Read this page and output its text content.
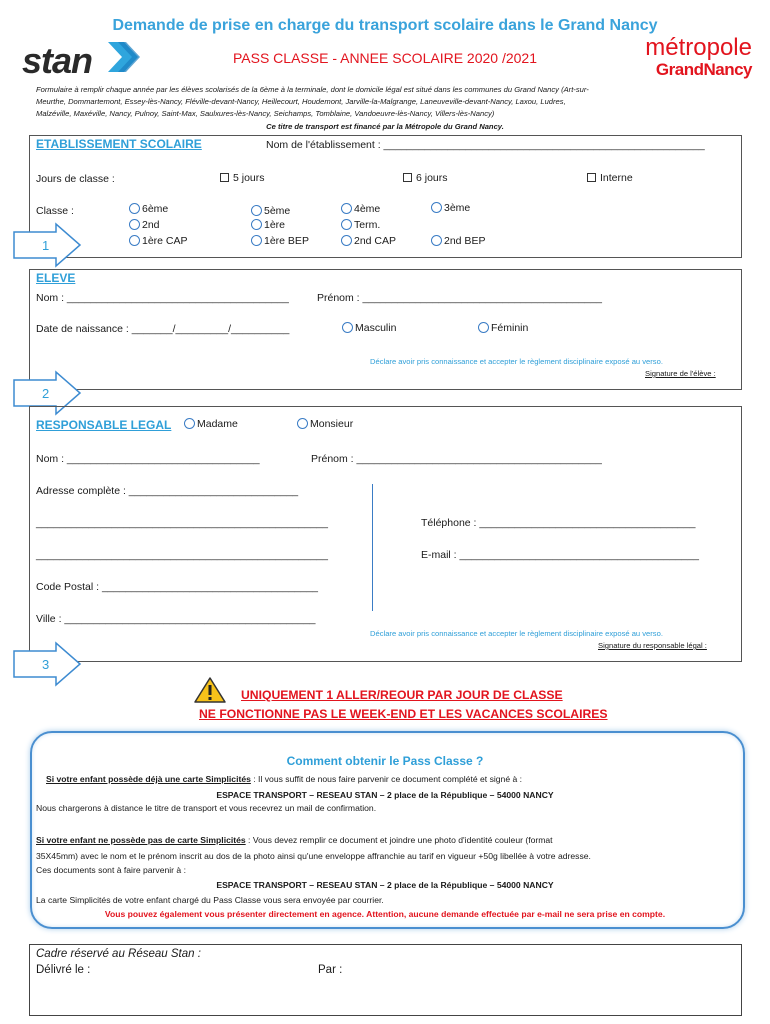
Demande de prise en charge du transport scolaire dans le Grand Nancy
stan	PASS CLASSE - ANNEE SCOLAIRE 2020 /2021	métropole
GrandNancy
Formulaire à remplir chaque année par les élèves scolarisés de la 6ème à la terminale, dont le domicile légal est situé dans les communes du Grand Nancy (Art-sur-
Meurthe, Dommartemont, Essey-lès-Nancy, Fléville-devant-Nancy, Heillecourt, Houdemont, Jarville-la-Malgrange, Laneuveville-devant-Nancy, Laxou, Ludres,
Malzéville, Maxéville, Nancy, Pulnoy, Saint-Max, Saulxures-lès-Nancy, Seichamps, Tomblaine, Vandoeuvre-lès-Nancy, Villers-lès-Nancy)
Ce titre de transport est financé par la Métropole du Grand Nancy.
ETABLISSEMENT SCOLAIRE	Nom de l'établissement : _______________________________________________________
Jours de classe :	5 jours	6 jours	Interne
Classe :	6ème	5ème	4ème	3ème
2nd	1ère	Term.
1ère CAP	1ère BEP	2nd CAP	2nd BEP
1
ELEVE
Nom : ______________________________________	Prénom : _________________________________________
Date de naissance : _______/_________/__________	Masculin	Féminin
Déclare avoir pris connaissance et accepter le règlement disciplinaire exposé au verso.
Signature de l'élève :
2
RESPONSABLE LEGAL	Madame	Monsieur
Nom : _________________________________	Prénom : __________________________________________
Adresse complète : _____________________________
__________________________________________________
__________________________________________________
Code Postal : _____________________________________
Ville : ___________________________________________
Téléphone : _____________________________________
E-mail : _________________________________________
Déclare avoir pris connaissance et accepter le règlement disciplinaire exposé au verso.
Signature du responsable légal :
3
UNIQUEMENT 1 ALLER/REOUR PAR JOUR DE CLASSE
NE FONCTIONNE PAS LE WEEK-END ET LES VACANCES SCOLAIRES
Comment obtenir le Pass Classe ?
Si votre enfant possède déjà une carte Simplicités : Il vous suffit de nous faire parvenir ce document complété et signé à :
ESPACE TRANSPORT – RESEAU STAN – 2 place de la République – 54000 NANCY
Nous chargerons à distance le titre de transport et vous recevrez un mail de confirmation.
Si votre enfant ne possède pas de carte Simplicités : Vous devez remplir ce document et joindre une photo d'identité couleur (format
35X45mm) avec le nom et le prénom inscrit au dos de la photo ainsi qu'une enveloppe affranchie au tarif en vigueur +50g libellée à votre adresse.
Ces documents sont à faire parvenir à :
ESPACE TRANSPORT – RESEAU STAN – 2 place de la République – 54000 NANCY
La carte Simplicités de votre enfant chargé du Pass Classe vous sera envoyée par courrier.
Vous pouvez également vous présenter directement en agence. Attention, aucune demande effectuée par e-mail ne sera prise en compte.
Cadre réservé au Réseau Stan :
Délivré le :	Par :
